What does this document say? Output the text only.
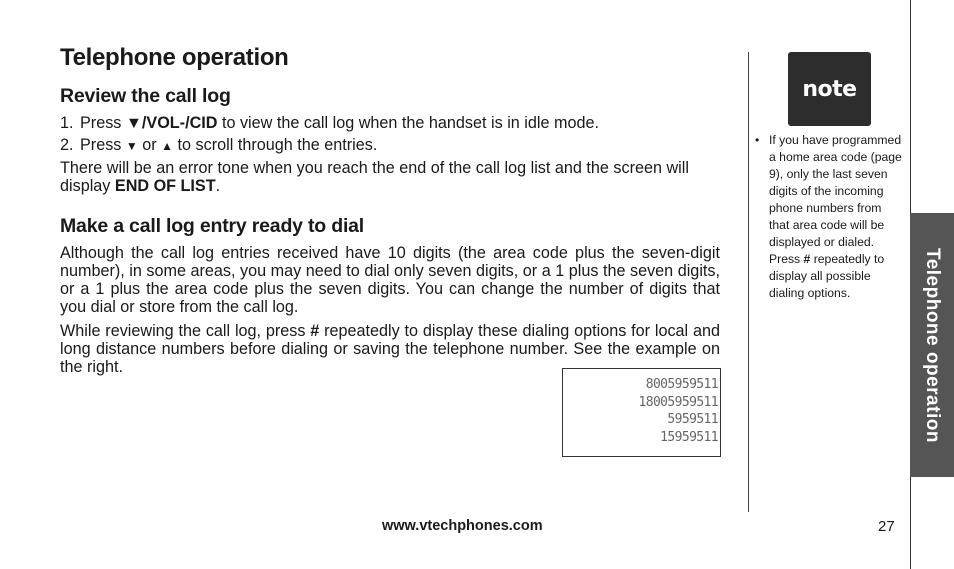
Telephone operation
Review the call log

1. Press ▼/VOL-/CID to view the call log when the handset is in idle mode.

2. Press ▼ or ▲ to scroll through the entries.

There will be an error tone when you reach the end of the call log list and the screen will display END OF LIST.

Make a call log entry ready to dial

Although the call log entries received have 10 digits (the area code plus the seven-digit number), in some areas, you may need to dial only seven digits, or a 1 plus the seven digits, or a 1 plus the area code plus the seven digits. You can change the number of digits that you dial or store from the call log.

While reviewing the call log, press # repeatedly to display these dialing options for local and long distance numbers before dialing or saving the telephone number. See the example on the right.

8005959511
18005959511
5959511
15959511
note
• If you have programmed a home area code (page 9), only the last seven digits of the incoming phone numbers from that area code will be displayed or dialed. Press # repeatedly to display all possible dialing options.	Telephone operation
www.vtechphones.com	27
